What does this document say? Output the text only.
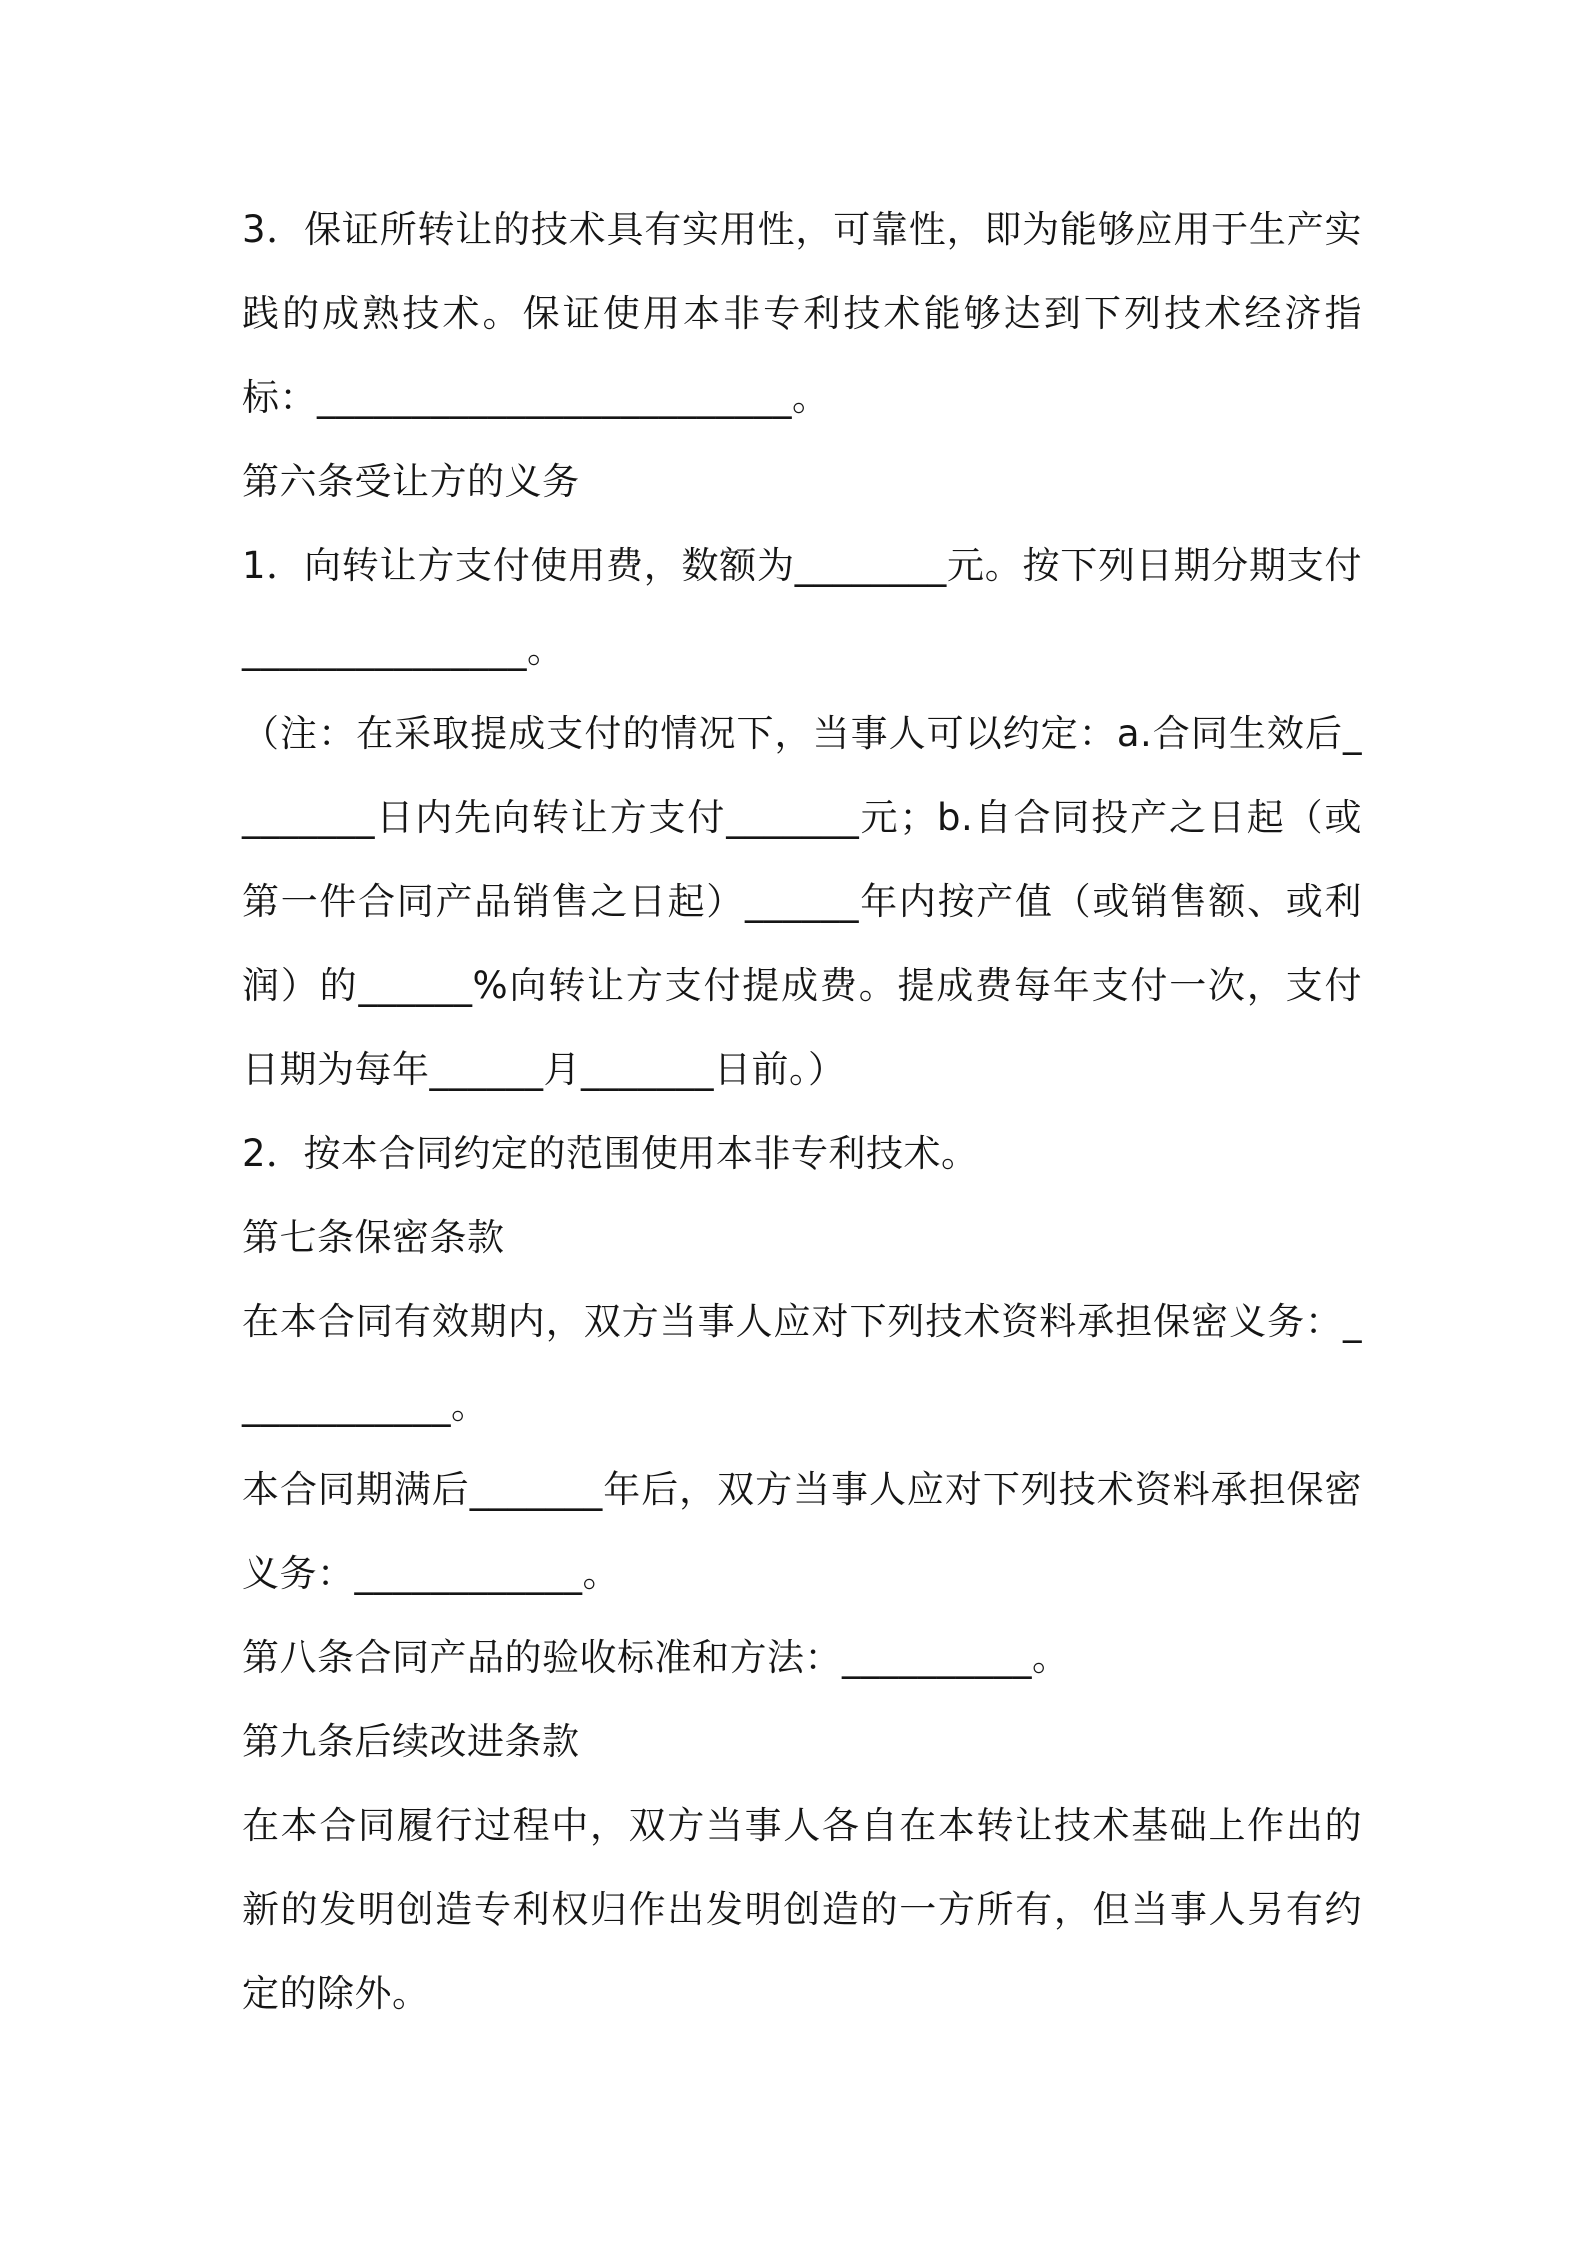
3．保证所转让的技术具有实用性，可靠性，即为能够应用于生产实践的成熟技术。保证使用本非专利技术能够达到下列技术经济指标：_________________________。

第六条受让方的义务

1．向转让方支付使用费，数额为________元。按下列日期分期支付_______________。

（注：在采取提成支付的情况下，当事人可以约定：a.合同生效后________日内先向转让方支付_______元；b.自合同投产之日起（或第一件合同产品销售之日起）______年内按产值（或销售额、或利润）的______%向转让方支付提成费。提成费每年支付一次，支付日期为每年______月_______日前。）

2．按本合同约定的范围使用本非专利技术。

第七条保密条款

在本合同有效期内，双方当事人应对下列技术资料承担保密义务：____________。

本合同期满后_______年后，双方当事人应对下列技术资料承担保密义务：____________。

第八条合同产品的验收标准和方法：__________。

第九条后续改进条款

在本合同履行过程中，双方当事人各自在本转让技术基础上作出的新的发明创造专利权归作出发明创造的一方所有，但当事人另有约定的除外。
